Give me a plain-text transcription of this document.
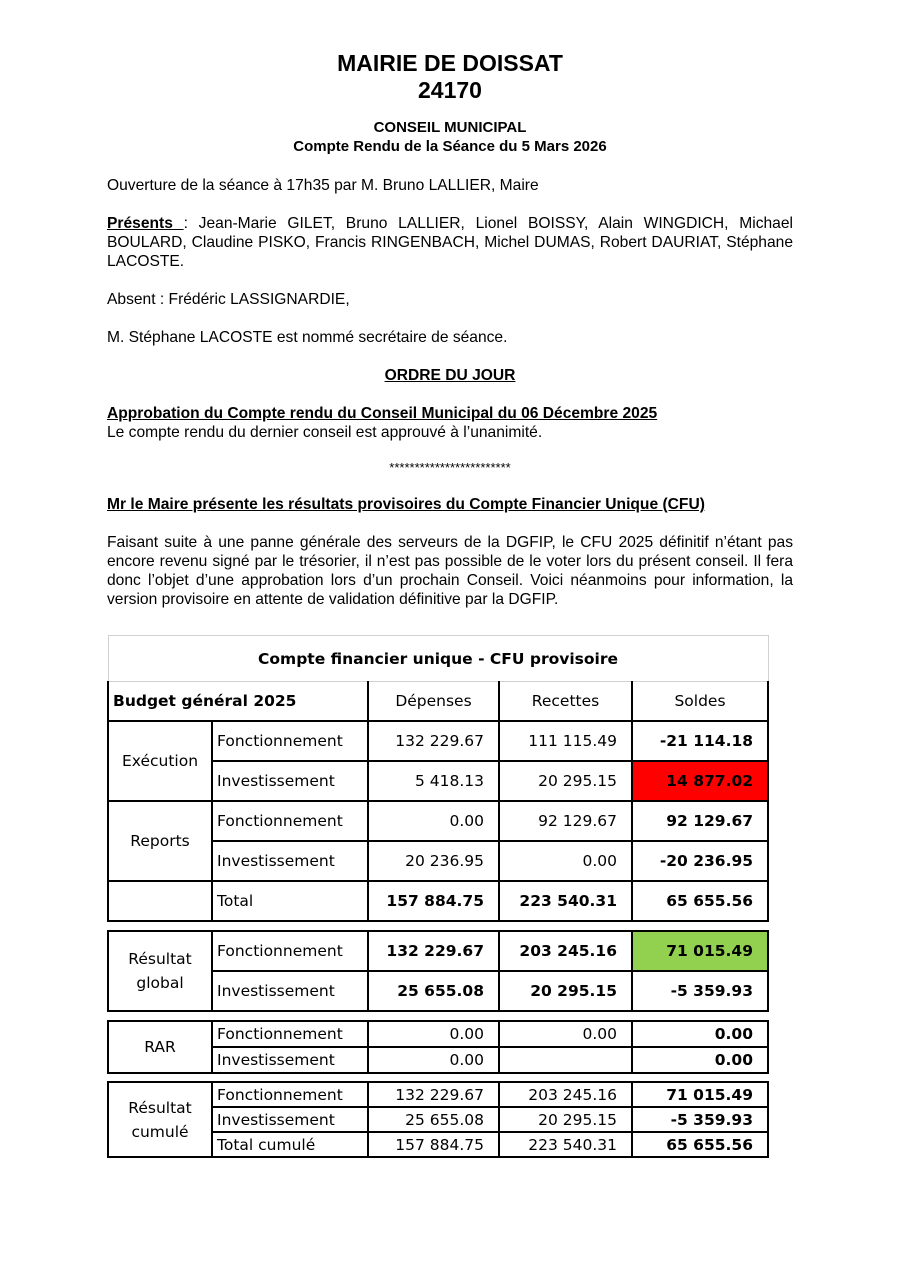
MAIRIE DE DOISSAT
24170
CONSEIL MUNICIPAL
Compte Rendu de la Séance du 5 Mars 2026
Ouverture de la séance à 17h35 par M. Bruno LALLIER, Maire
Présents : Jean-Marie GILET, Bruno LALLIER, Lionel BOISSY, Alain WINGDICH, Michael BOULARD, Claudine PISKO, Francis RINGENBACH, Michel DUMAS, Robert DAURIAT, Stéphane LACOSTE.
Absent : Frédéric LASSIGNARDIE,
M. Stéphane LACOSTE est nommé secrétaire de séance.
ORDRE DU JOUR
Approbation du Compte rendu du Conseil Municipal du 06 Décembre 2025
Le compte rendu du dernier conseil est approuvé à l’unanimité.
************************
Mr le Maire présente les résultats provisoires du Compte Financier Unique (CFU)
Faisant suite à une panne générale des serveurs de la DGFIP, le CFU 2025 définitif n’étant pas encore revenu signé par le trésorier, il n’est pas possible de le voter lors du présent conseil. Il fera donc l’objet d’une approbation lors d’un prochain Conseil. Voici néanmoins pour information, la version provisoire en attente de validation définitive par la DGFIP.
Compte financier unique - CFU provisoire				
Budget général 2025		Dépenses	Recettes	Soldes
Exécution	Fonctionnement	132 229.67	111 115.49	-21 114.18
	Investissement	5 418.13	20 295.15	14 877.02
Reports	Fonctionnement	0.00	92 129.67	92 129.67
	Investissement	20 236.95	0.00	-20 236.95
	Total	157 884.75	223 540.31	65 655.56
Résultat
global	Fonctionnement	132 229.67	203 245.16	71 015.49
	Investissement	25 655.08	20 295.15	-5 359.93
RAR	Fonctionnement	0.00	0.00	0.00
	Investissement	0.00		0.00
Résultat
cumulé	Fonctionnement	132 229.67	203 245.16	71 015.49
	Investissement	25 655.08	20 295.15	-5 359.93
	Total cumulé	157 884.75	223 540.31	65 655.56
